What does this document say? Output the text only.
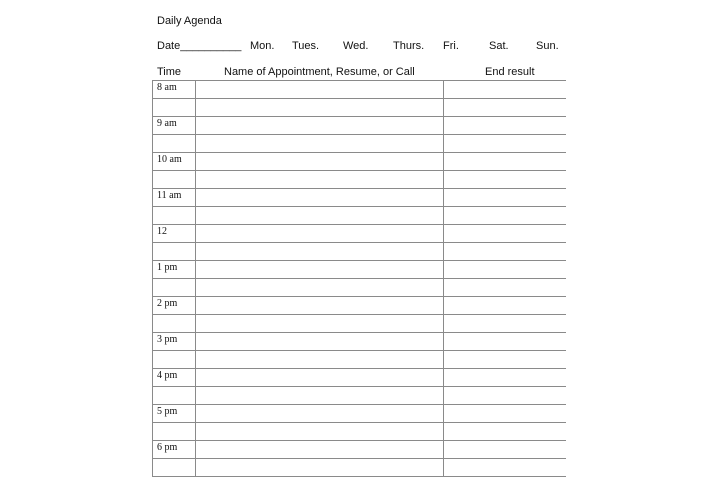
Daily Agenda
Date__________ Mon. Tues. Wed. Thurs. Fri.	Sat. Sun.
Time	Name of Appointment, Resume, or Call	End result
8 am		

9 am		

10 am		

11 am		

12		

1 pm		

2 pm		

3 pm		

4 pm		

5 pm		

6 pm		
